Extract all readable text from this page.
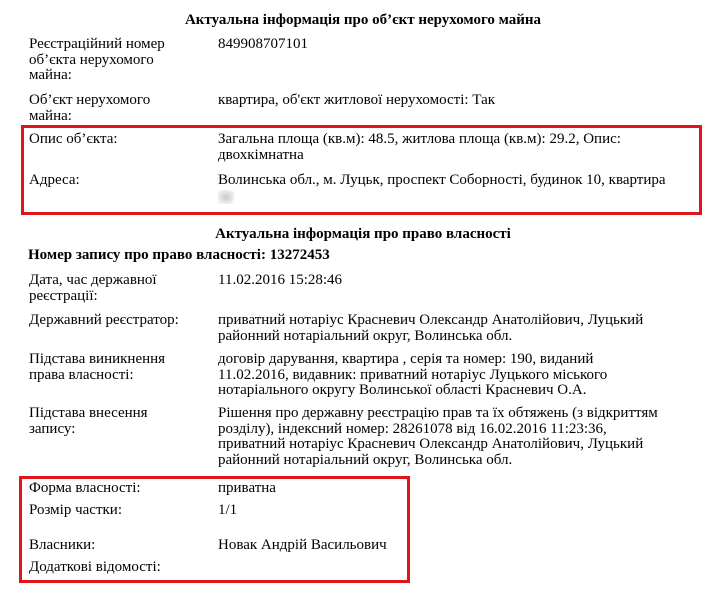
Актуальна інформація про об’єкт нерухомого майна
Реєстраційний номер
об’єкта нерухомого
майна:
849908707101
Об’єкт нерухомого
майна:
квартира, об'єкт житлової нерухомості: Так
Опис об’єкта:	Загальна площа (кв.м): 48.5, житлова площа (кв.м): 29.2, Опис:
двохкімнатна
Адреса:	Волинська обл., м. Луцьк, проспект Соборності, будинок 10, квартира
Актуальна інформація про право власності
Номер запису про право власності: 13272453
Дата, час державної
реєстрації:
11.02.2016 15:28:46
Державний реєстратор:	приватний нотаріус Красневич Олександр Анатолійович, Луцький
районний нотаріальний округ, Волинська обл.
Підстава виникнення
права власності:
договір дарування, квартира , серія та номер: 190, виданий
11.02.2016, видавник: приватний нотаріус Луцького міського
нотаріального округу Волинської області Красневич О.А.
Підстава внесення
запису:
Рішення про державну реєстрацію прав та їх обтяжень (з відкриттям
розділу), індексний номер: 28261078 від 16.02.2016 11:23:36,
приватний нотаріус Красневич Олександр Анатолійович, Луцький
районний нотаріальний округ, Волинська обл.
Форма власності:	приватна
Розмір частки:	1/1
Власники:	Новак Андрій Васильович
Додаткові відомості:
